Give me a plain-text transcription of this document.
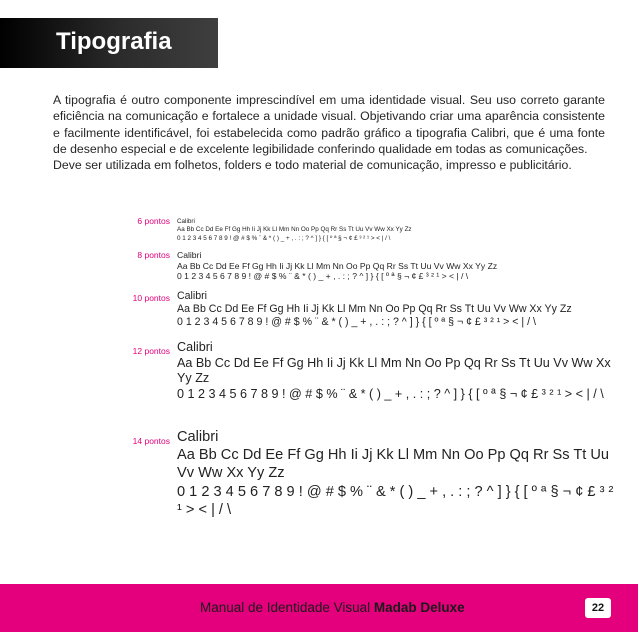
Tipografia

A tipografia é outro componente imprescindível em uma identidade visual. Seu uso correto garante eficiência na comunicação e fortalece a unidade visual. Objetivando criar uma aparência consistente e facilmente identificável, foi estabelecida como padrão gráfico a tipografia Calibri, que é uma fonte de desenho especial e de excelente legibilidade conferindo qualidade em todas as comunicações.

Deve ser utilizada em folhetos, folders e todo material de comunicação, impresso e publicitário.

6 pontos Calibri
Aa Bb Cc Dd Ee Ff Gg Hh Ii Jj Kk Ll Mm Nn Oo Pp Qq Rr Ss Tt Uu Vv Ww Xx Yy Zz
0 1 2 3 4 5 6 7 8 9 ! @ # $ % ¨ & * ( ) _ + , . : ; ? ^ ] } { [ º ª § ¬ ¢ £ ³ ² ¹ > < | / \
8 pontos Calibri
Aa Bb Cc Dd Ee Ff Gg Hh Ii Jj Kk Ll Mm Nn Oo Pp Qq Rr Ss Tt Uu Vv Ww Xx Yy Zz
0 1 2 3 4 5 6 7 8 9 ! @ # $ % ¨ & * ( ) _ + , . : ; ? ^ ] } { [ º ª § ¬ ¢ £ ³ ² ¹ > < | / \
10 pontos Calibri
Aa Bb Cc Dd Ee Ff Gg Hh Ii Jj Kk Ll Mm Nn Oo Pp Qq Rr Ss Tt Uu Vv Ww Xx Yy Zz
0 1 2 3 4 5 6 7 8 9 ! @ # $ % ¨ & * ( ) _ + , . : ; ? ^ ] } { [ º ª § ¬ ¢ £ ³ ² ¹ > < | / \
12 pontos Calibri
Aa Bb Cc Dd Ee Ff Gg Hh Ii Jj Kk Ll Mm Nn Oo Pp Qq Rr Ss Tt Uu Vv Ww Xx Yy Zz
0 1 2 3 4 5 6 7 8 9 ! @ # $ % ¨ & * ( ) _ + , . : ; ? ^ ] } { [ º ª § ¬ ¢ £ ³ ² ¹ > < | / \
14 pontos Calibri
Aa Bb Cc Dd Ee Ff Gg Hh Ii Jj Kk Ll Mm Nn Oo Pp Qq Rr Ss Tt Uu Vv Ww Xx Yy Zz
0 1 2 3 4 5 6 7 8 9 ! @ # $ % ¨ & * ( ) _ + , . : ; ? ^ ] } { [ º ª § ¬ ¢ £ ³ ² ¹ > < | / \
Manual de Identidade Visual Madab Deluxe	22
